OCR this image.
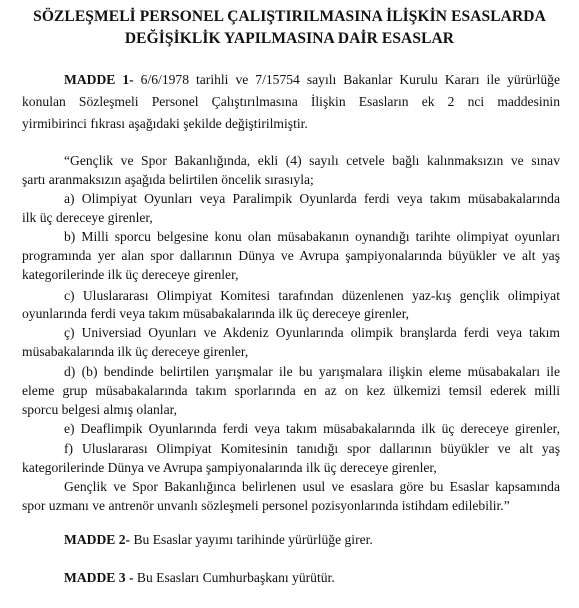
SÖZLEŞMELİ PERSONEL ÇALIŞTIRILMASINA İLİŞKİN ESASLARDA
DEĞİŞİKLİK YAPILMASINA DAİR ESASLAR
MADDE 1- 6/6/1978 tarihli ve 7/15754 sayılı Bakanlar Kurulu Kararı ile yürürlüğe
konulan Sözleşmeli Personel Çalıştırılmasına İlişkin Esasların ek 2 nci maddesinin
yirmibirinci fıkrası aşağıdaki şekilde değiştirilmiştir.
“Gençlik ve Spor Bakanlığında, ekli (4) sayılı cetvele bağlı kalınmaksızın ve sınav
şartı aranmaksızın aşağıda belirtilen öncelik sırasıyla;
a) Olimpiyat Oyunları veya Paralimpik Oyunlarda ferdi veya takım müsabakalarında
ilk üç dereceye girenler,
b) Milli sporcu belgesine konu olan müsabakanın oynandığı tarihte olimpiyat oyunları
programında yer alan spor dallarının Dünya ve Avrupa şampiyonalarında büyükler ve alt yaş
kategorilerinde ilk üç dereceye girenler,
c) Uluslararası Olimpiyat Komitesi tarafından düzenlenen yaz-kış gençlik olimpiyat
oyunlarında ferdi veya takım müsabakalarında ilk üç dereceye girenler,
ç) Universiad Oyunları ve Akdeniz Oyunlarında olimpik branşlarda ferdi veya takım
müsabakalarında ilk üç dereceye girenler,
d) (b) bendinde belirtilen yarışmalar ile bu yarışmalara ilişkin eleme müsabakaları ile
eleme grup müsabakalarında takım sporlarında en az on kez ülkemizi temsil ederek milli
sporcu belgesi almış olanlar,
e) Deaflimpik Oyunlarında ferdi veya takım müsabakalarında ilk üç dereceye girenler,
f) Uluslararası Olimpiyat Komitesinin tanıdığı spor dallarının büyükler ve alt yaş
kategorilerinde Dünya ve Avrupa şampiyonalarında ilk üç dereceye girenler,
Gençlik ve Spor Bakanlığınca belirlenen usul ve esaslara göre bu Esaslar kapsamında
spor uzmanı ve antrenör unvanlı sözleşmeli personel pozisyonlarında istihdam edilebilir.”
MADDE 2- Bu Esaslar yayımı tarihinde yürürlüğe girer.
MADDE 3 - Bu Esasları Cumhurbaşkanı yürütür.
